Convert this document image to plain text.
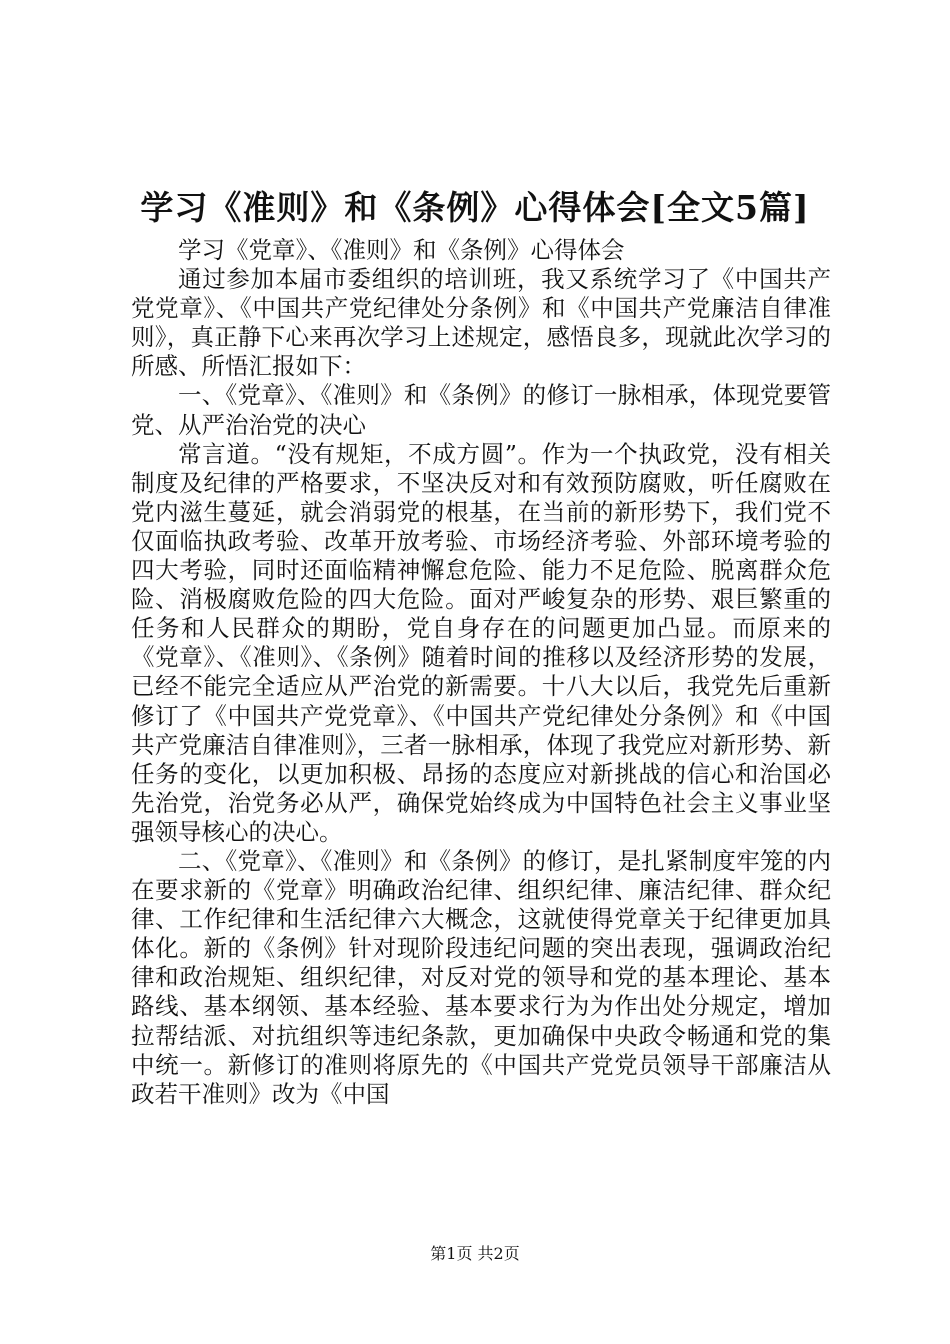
学习《准则》和《条例》心得体会[全文5篇]

学习《党章》、《准则》和《条例》心得体会

通过参加本届市委组织的培训班，我又系统学习了《中国共产党党章》、《中国共产党纪律处分条例》和《中国共产党廉洁自律准则》，真正静下心来再次学习上述规定，感悟良多，现就此次学习的所感、所悟汇报如下：

一、《党章》、《准则》和《条例》的修订一脉相承，体现党要管党、从严治治党的决心

常言道。“没有规矩，不成方圆”。作为一个执政党，没有相关制度及纪律的严格要求，不坚决反对和有效预防腐败，听任腐败在党内滋生蔓延，就会消弱党的根基，在当前的新形势下，我们党不仅面临执政考验、改革开放考验、市场经济考验、外部环境考验的四大考验，同时还面临精神懈怠危险、能力不足危险、脱离群众危险、消极腐败危险的四大危险。面对严峻复杂的形势、艰巨繁重的任务和人民群众的期盼，党自身存在的问题更加凸显。而原来的《党章》、《准则》、《条例》随着时间的推移以及经济形势的发展，已经不能完全适应从严治党的新需要。十八大以后，我党先后重新修订了《中国共产党党章》、《中国共产党纪律处分条例》和《中国共产党廉洁自律准则》，三者一脉相承，体现了我党应对新形势、新任务的变化，以更加积极、昂扬的态度应对新挑战的信心和治国必先治党，治党务必从严，确保党始终成为中国特色社会主义事业坚强领导核心的决心。

二、《党章》、《准则》和《条例》的修订，是扎紧制度牢笼的内在要求新的《党章》明确政治纪律、组织纪律、廉洁纪律、群众纪律、工作纪律和生活纪律六大概念，这就使得党章关于纪律更加具体化。新的《条例》针对现阶段违纪问题的突出表现，强调政治纪律和政治规矩、组织纪律，对反对党的领导和党的基本理论、基本路线、基本纲领、基本经验、基本要求行为为作出处分规定，增加拉帮结派、对抗组织等违纪条款，更加确保中央政令畅通和党的集中统一。新修订的准则将原先的《中国共产党党员领导干部廉洁从政若干准则》改为《中国

第1页 共2页
